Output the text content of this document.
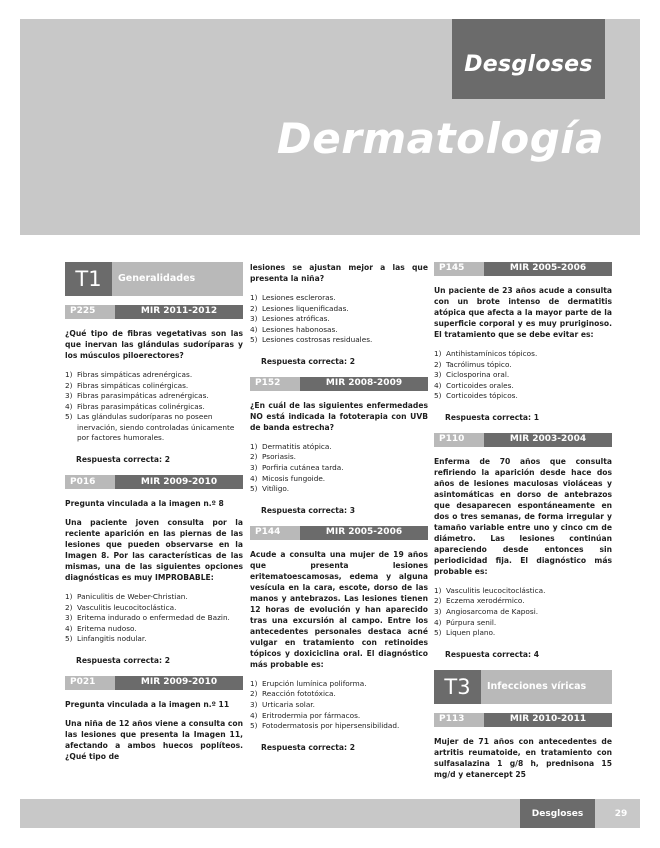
Desgloses
Dermatología
T1	Generalidades
P225	MIR 2011-2012

¿Qué tipo de fibras vegetativas son las que inervan las glándulas sudoríparas y los músculos piloerectores?

1) Fibras simpáticas adrenérgicas.
2) Fibras simpáticas colinérgicas.
3) Fibras parasimpáticas adrenérgicas.
4) Fibras parasimpáticas colinérgicas.
5) Las glándulas sudoríparas no poseen inervación, siendo controladas únicamente por factores humorales.

Respuesta correcta: 2

P016	MIR 2009-2010

Pregunta vinculada a la imagen n.º 8

Una paciente joven consulta por la reciente aparición en las piernas de las lesiones que pueden observarse en la Imagen 8. Por las características de las mismas, una de las siguientes opciones diagnósticas es muy IMPROBABLE:

1) Paniculitis de Weber-Christian.
2) Vasculitis leucocitoclástica.
3) Eritema indurado o enfermedad de Bazin.
4) Eritema nudoso.
5) Linfangitis nodular.

Respuesta correcta: 2

P021	MIR 2009-2010

Pregunta vinculada a la imagen n.º 11

Una niña de 12 años viene a consulta con las lesiones que presenta la Imagen 11, afectando a ambos huecos poplíteos. ¿Qué tipo de

lesiones se ajustan mejor a las que presenta la niña?

1) Lesiones escleroras.
2) Lesiones liquenificadas.
3) Lesiones atróficas.
4) Lesiones habonosas.
5) Lesiones costrosas residuales.

Respuesta correcta: 2

P152	MIR 2008-2009

¿En cuál de las siguientes enfermedades NO está indicada la fototerapia con UVB de banda estrecha?

1) Dermatitis atópica.
2) Psoriasis.
3) Porfiria cutánea tarda.
4) Micosis fungoide.
5) Vitíligo.

Respuesta correcta: 3

P144	MIR 2005-2006

Acude a consulta una mujer de 19 años que presenta lesiones eritematoescamosas, edema y alguna vesícula en la cara, escote, dorso de las manos y antebrazos. Las lesiones tienen 12 horas de evolución y han aparecido tras una excursión al campo. Entre los antecedentes personales destaca acné vulgar en tratamiento con retinoides tópicos y doxiciclina oral. El diagnóstico más probable es:

1) Erupción lumínica poliforma.
2) Reacción fototóxica.
3) Urticaria solar.
4) Eritrodermia por fármacos.
5) Fotodermatosis por hipersensibilidad.

Respuesta correcta: 2

P145	MIR 2005-2006

Un paciente de 23 años acude a consulta con un brote intenso de dermatitis atópica que afecta a la mayor parte de la superficie corporal y es muy pruriginoso. El tratamiento que se debe evitar es:

1) Antihistamínicos tópicos.
2) Tacrólimus tópico.
3) Ciclosporina oral.
4) Corticoides orales.
5) Corticoides tópicos.

Respuesta correcta: 1

P110	MIR 2003-2004

Enferma de 70 años que consulta refiriendo la aparición desde hace dos años de lesiones maculosas violáceas y asintomáticas en dorso de antebrazos que desaparecen espontáneamente en dos o tres semanas, de forma irregular y tamaño variable entre uno y cinco cm de diámetro. Las lesiones continúan apareciendo desde entonces sin periodicidad fija. El diagnóstico más probable es:

1) Vasculitis leucocitoclástica.
2) Eczema xerodérmico.
3) Angiosarcoma de Kaposi.
4) Púrpura senil.
5) Liquen plano.

Respuesta correcta: 4

T3	Infecciones víricas
P113	MIR 2010-2011

Mujer de 71 años con antecedentes de artritis reumatoide, en tratamiento con sulfasalazina 1 g/8 h, prednisona 15 mg/d y etanercept 25

Desgloses	29
